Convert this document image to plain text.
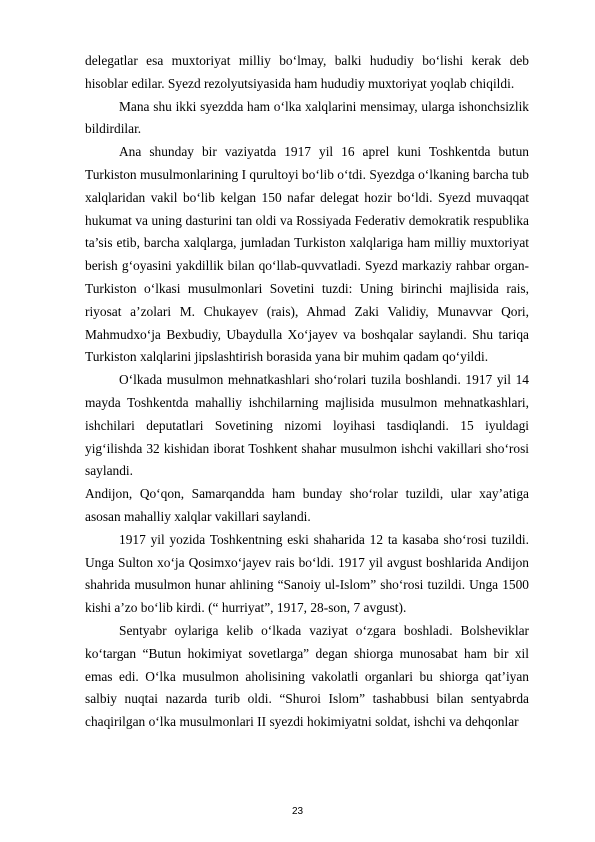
delegatlar esa muxtoriyat milliy bo‘lmay, balki hududiy bo‘lishi kerak deb hisoblar edilar. Syezd rezolyutsiyasida ham hududiy muxtoriyat yoqlab chiqildi.

Mana shu ikki syezdda ham o‘lka xalqlarini mensimay, ularga ishonchsizlik bildirdilar.

Ana shunday bir vaziyatda 1917 yil 16 aprel kuni Toshkentda butun Turkiston musulmonlarining I qurultoyi bo‘lib o‘tdi. Syezdga o‘lkaning barcha tub xalqlaridan vakil bo‘lib kelgan 150 nafar delegat hozir bo‘ldi. Syezd muvaqqat hukumat va uning dasturini tan oldi va Rossiyada Federativ demokratik respublika ta’sis etib, barcha xalqlarga, jumladan Turkiston xalqlariga ham milliy muxtoriyat berish g‘oyasini yakdillik bilan qo‘llab-quvvatladi. Syezd markaziy rahbar organ- Turkiston o‘lkasi musulmonlari Sovetini tuzdi: Uning birinchi majlisida rais, riyosat a’zolari M. Chukayev (rais), Ahmad Zaki Validiy, Munavvar Qori, Mahmudxo‘ja Bexbudiy, Ubaydulla Xo‘jayev va boshqalar saylandi. Shu tariqa Turkiston xalqlarini jipslashtirish borasida yana bir muhim qadam qo‘yildi.

O‘lkada musulmon mehnatkashlari sho‘rolari tuzila boshlandi. 1917 yil 14 mayda Toshkentda mahalliy ishchilarning majlisida musulmon mehnatkashlari, ishchilari deputatlari Sovetining nizomi loyihasi tasdiqlandi. 15 iyuldagi yig‘ilishda 32 kishidan iborat Toshkent shahar musulmon ishchi vakillari sho‘rosi saylandi.

Andijon, Qo‘qon, Samarqandda ham bunday sho‘rolar tuzildi, ular xay’atiga asosan mahalliy xalqlar vakillari saylandi.

1917 yil yozida Toshkentning eski shaharida 12 ta kasaba sho‘rosi tuzildi. Unga Sulton xo‘ja Qosimxo‘jayev rais bo‘ldi. 1917 yil avgust boshlarida Andijon shahrida musulmon hunar ahlining “Sanoiy ul-Islom” sho‘rosi tuzildi. Unga 1500 kishi a’zo bo‘lib kirdi. (“ hurriyat”, 1917, 28-son, 7 avgust).

Sentyabr oylariga kelib o‘lkada vaziyat o‘zgara boshladi. Bolsheviklar ko‘targan “Butun hokimiyat sovetlarga” degan shiorga munosabat ham bir xil emas edi. O‘lka musulmon aholisining vakolatli organlari bu shiorga qat’iyan salbiy nuqtai nazarda turib oldi. “Shuroi Islom” tashabbusi bilan sentyabrda chaqirilgan o‘lka musulmonlari II syezdi hokimiyatni soldat, ishchi va dehqonlar

23
